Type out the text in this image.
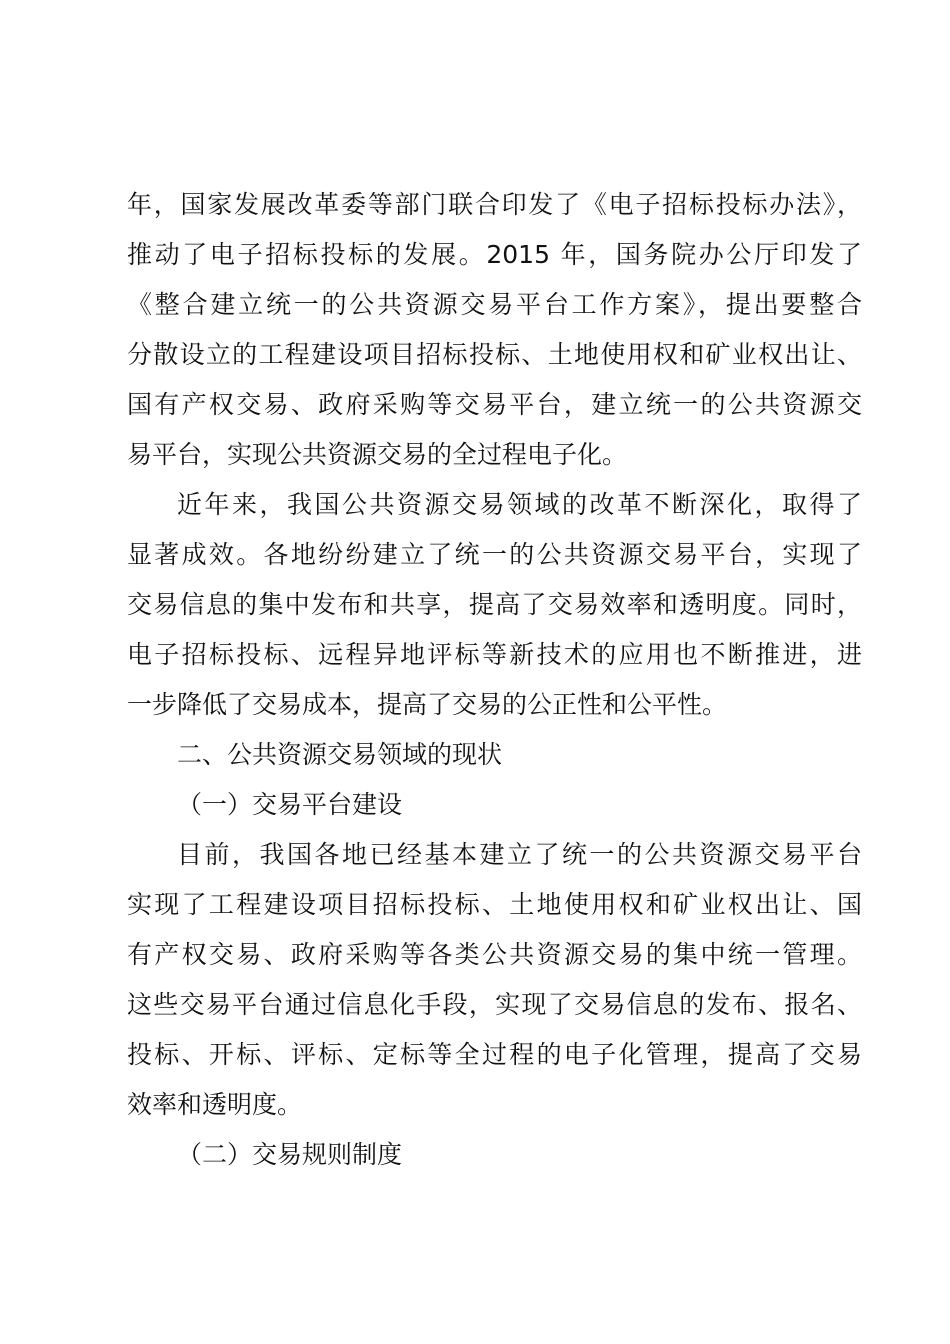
年，国家发展改革委等部门联合印发了《电子招标投标办法》，
推动了电子招标投标的发展。2015 年，国务院办公厅印发了
《整合建立统一的公共资源交易平台工作方案》，提出要整合
分散设立的工程建设项目招标投标、土地使用权和矿业权出让、
国有产权交易、政府采购等交易平台，建立统一的公共资源交
易平台，实现公共资源交易的全过程电子化。
近年来，我国公共资源交易领域的改革不断深化，取得了
显著成效。各地纷纷建立了统一的公共资源交易平台，实现了
交易信息的集中发布和共享，提高了交易效率和透明度。同时，
电子招标投标、远程异地评标等新技术的应用也不断推进，进
一步降低了交易成本，提高了交易的公正性和公平性。
二、公共资源交易领域的现状
（一）交易平台建设
目前，我国各地已经基本建立了统一的公共资源交易平台
实现了工程建设项目招标投标、土地使用权和矿业权出让、国
有产权交易、政府采购等各类公共资源交易的集中统一管理。
这些交易平台通过信息化手段，实现了交易信息的发布、报名、
投标、开标、评标、定标等全过程的电子化管理，提高了交易
效率和透明度。
（二）交易规则制度
